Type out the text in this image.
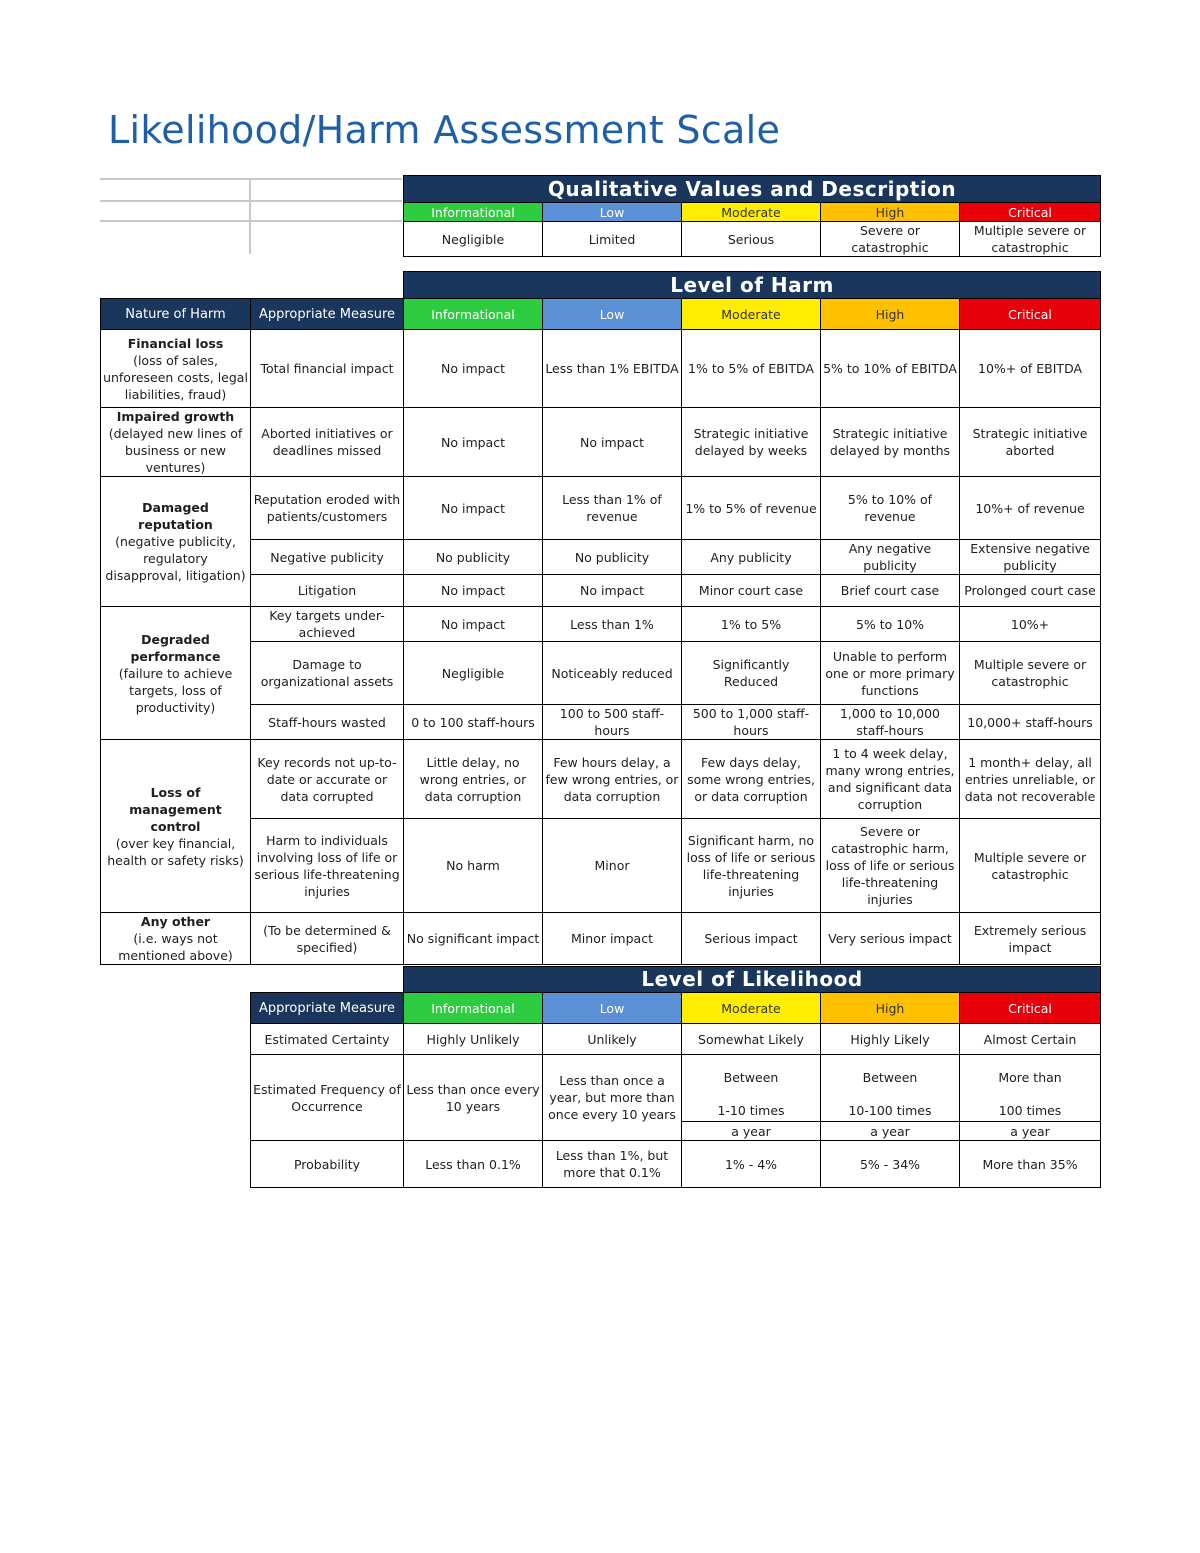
Likelihood/Harm Assessment Scale
Qualitative Values and Description				
Informational	Low	Moderate	High	Critical
Negligible	Limited	Serious	Severe or catastrophic	Multiple severe or catastrophic
		Level of Harm				
Nature of Harm	Appropriate Measure	Informational	Low	Moderate	High	Critical

Financial loss
(loss of sales, unforeseen costs, legal liabilities, fraud)	Total financial impact	No impact	Less than 1% EBITDA	1% to 5% of EBITDA	5% to 10% of EBITDA	10%+ of EBITDA

Impaired growth
(delayed new lines of business or new ventures)	Aborted initiatives or deadlines missed	No impact	No impact	Strategic initiative delayed by weeks	Strategic initiative delayed by months	Strategic initiative aborted

Damaged reputation
(negative publicity, regulatory disapproval, litigation)	Reputation eroded with patients/customers	No impact	Less than 1% of revenue	1% to 5% of revenue	5% to 10% of revenue	10%+ of revenue
	Negative publicity	No publicity	No publicity	Any publicity	Any negative publicity	Extensive negative publicity
	Litigation	No impact	No impact	Minor court case	Brief court case	Prolonged court case

Degraded performance
(failure to achieve targets, loss of productivity)	Key targets under-achieved	No impact	Less than 1%	1% to 5%	5% to 10%	10%+
	Damage to organizational assets	Negligible	Noticeably reduced	Significantly Reduced	Unable to perform one or more primary functions	Multiple severe or catastrophic
	Staff-hours wasted	0 to 100 staff-hours	100 to 500 staff-hours	500 to 1,000 staff-hours	1,000 to 10,000 staff-hours	10,000+ staff-hours

Loss of management control
(over key financial, health or safety risks)	Key records not up-to-date or accurate or data corrupted	Little delay, no wrong entries, or data corruption	Few hours delay, a few wrong entries, or data corruption	Few days delay, some wrong entries, or data corruption	1 to 4 week delay, many wrong entries, and significant data corruption	1 month+ delay, all entries unreliable, or data not recoverable
	Harm to individuals involving loss of life or serious life-threatening injuries	No harm	Minor	Significant harm, no loss of life or serious life-threatening injuries	Severe or catastrophic harm, loss of life or serious life-threatening injuries	Multiple severe or catastrophic

Any other
(i.e. ways not mentioned above)	(To be determined & specified)	No significant impact	Minor impact	Serious impact	Very serious impact	Extremely serious impact
	Level of Likelihood				
Appropriate Measure	Informational	Low	Moderate	High	Critical
Estimated Certainty	Highly Unlikely	Unlikely	Somewhat Likely	Highly Likely	Almost Certain
Estimated Frequency of Occurrence	Less than once every 10 years	Less than once a year, but more than once every 10 years	Between	Between	More than
			1-10 times	10-100 times	100 times
			a year	a year	a year
Probability	Less than 0.1%	Less than 1%, but more that 0.1%	1% - 4%	5% - 34%	More than 35%
